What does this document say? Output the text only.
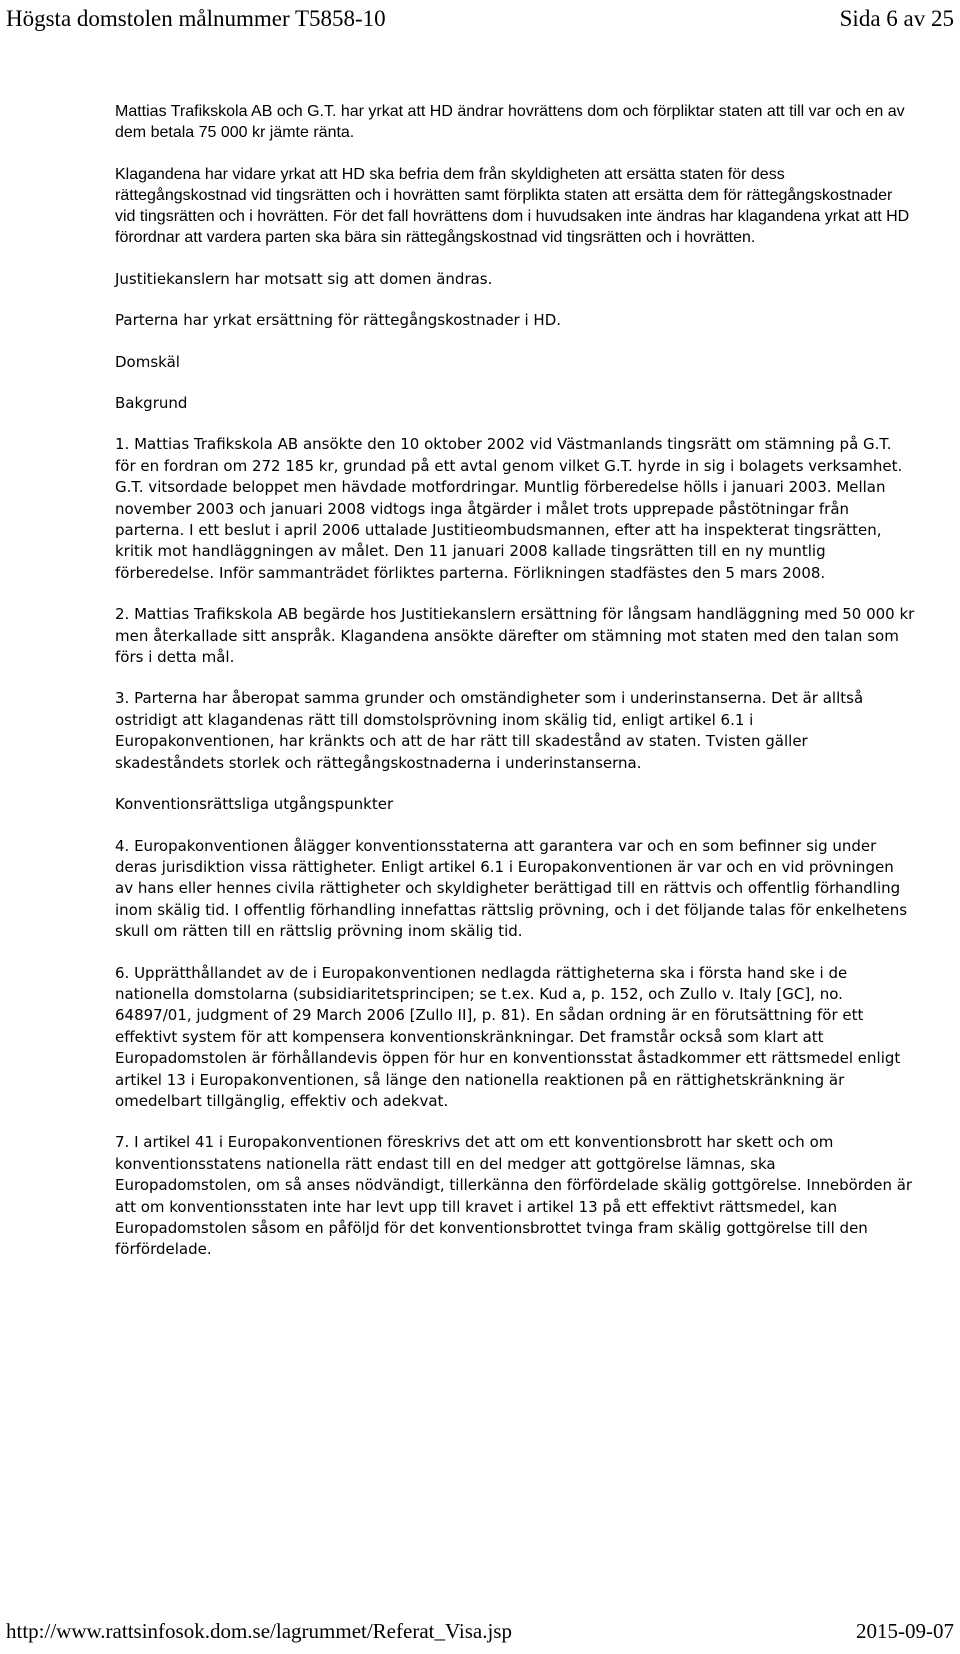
Högsta domstolen målnummer T5858-10	Sida 6 av 25

Mattias Trafikskola AB och G.T. har yrkat att HD ändrar hovrättens dom och förpliktar staten att till var och en av dem betala 75 000 kr jämte ränta.

Klagandena har vidare yrkat att HD ska befria dem från skyldigheten att ersätta staten för dess rättegångskostnad vid tingsrätten och i hovrätten samt förplikta staten att ersätta dem för rättegångskostnader vid tingsrätten och i hovrätten. För det fall hovrättens dom i huvudsaken inte ändras har klagandena yrkat att HD förordnar att vardera parten ska bära sin rättegångskostnad vid tingsrätten och i hovrätten.

Justitiekanslern har motsatt sig att domen ändras.

Parterna har yrkat ersättning för rättegångskostnader i HD.

Domskäl

Bakgrund

1. Mattias Trafikskola AB ansökte den 10 oktober 2002 vid Västmanlands tingsrätt om stämning på G.T. för en fordran om 272 185 kr, grundad på ett avtal genom vilket G.T. hyrde in sig i bolagets verksamhet. G.T. vitsordade beloppet men hävdade motfordringar. Muntlig förberedelse hölls i januari 2003. Mellan november 2003 och januari 2008 vidtogs inga åtgärder i målet trots upprepade påstötningar från parterna. I ett beslut i april 2006 uttalade Justitieombudsmannen, efter att ha inspekterat tingsrätten, kritik mot handläggningen av målet. Den 11 januari 2008 kallade tingsrätten till en ny muntlig förberedelse. Inför sammanträdet förliktes parterna. Förlikningen stadfästes den 5 mars 2008.

2. Mattias Trafikskola AB begärde hos Justitiekanslern ersättning för långsam handläggning med 50 000 kr men återkallade sitt anspråk. Klagandena ansökte därefter om stämning mot staten med den talan som förs i detta mål.

3. Parterna har åberopat samma grunder och omständigheter som i underinstanserna. Det är alltså ostridigt att klagandenas rätt till domstolsprövning inom skälig tid, enligt artikel 6.1 i Europakonventionen, har kränkts och att de har rätt till skadestånd av staten. Tvisten gäller skadeståndets storlek och rättegångskostnaderna i underinstanserna.

Konventionsrättsliga utgångspunkter

4. Europakonventionen ålägger konventionsstaterna att garantera var och en som befinner sig under deras jurisdiktion vissa rättigheter. Enligt artikel 6.1 i Europakonventionen är var och en vid prövningen av hans eller hennes civila rättigheter och skyldigheter berättigad till en rättvis och offentlig förhandling inom skälig tid. I offentlig förhandling innefattas rättslig prövning, och i det följande talas för enkelhetens skull om rätten till en rättslig prövning inom skälig tid.

6. Upprätthållandet av de i Europakonventionen nedlagda rättigheterna ska i första hand ske i de nationella domstolarna (subsidiaritetsprincipen; se t.ex. Kud a, p. 152, och Zullo v. Italy [GC], no. 64897/01, judgment of 29 March 2006 [Zullo II], p. 81). En sådan ordning är en förutsättning för ett effektivt system för att kompensera konventionskränkningar. Det framstår också som klart att Europadomstolen är förhållandevis öppen för hur en konventionsstat åstadkommer ett rättsmedel enligt artikel 13 i Europakonventionen, så länge den nationella reaktionen på en rättighetskränkning är omedelbart tillgänglig, effektiv och adekvat.

7. I artikel 41 i Europakonventionen föreskrivs det att om ett konventionsbrott har skett och om konventionsstatens nationella rätt endast till en del medger att gottgörelse lämnas, ska Europadomstolen, om så anses nödvändigt, tillerkänna den förfördelade skälig gottgörelse. Innebörden är att om konventionsstaten inte har levt upp till kravet i artikel 13 på ett effektivt rättsmedel, kan Europadomstolen såsom en påföljd för det konventionsbrottet tvinga fram skälig gottgörelse till den förfördelade.

http://www.rattsinfosok.dom.se/lagrummet/Referat_Visa.jsp	2015-09-07
